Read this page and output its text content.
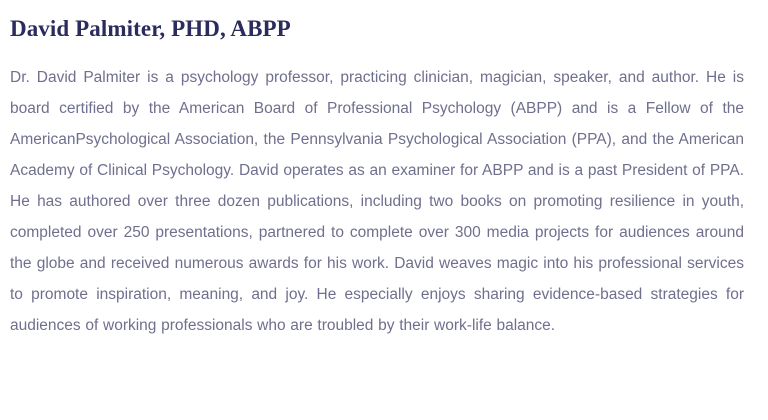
David Palmiter, PHD, ABPP

Dr. David Palmiter is a psychology professor, practicing clinician, magician, speaker, and author. He is board certified by the American Board of Professional Psychology (ABPP) and is a Fellow of the AmericanPsychological Association, the Pennsylvania Psychological Association (PPA), and the American Academy of Clinical Psychology. David operates as an examiner for ABPP and is a past President of PPA. He has authored over three dozen publications, including two books on promoting resilience in youth, completed over 250 presentations, partnered to complete over 300 media projects for audiences around the globe and received numerous awards for his work. David weaves magic into his professional services to promote inspiration, meaning, and joy. He especially enjoys sharing evidence-based strategies for audiences of working professionals who are troubled by their work-life balance.
